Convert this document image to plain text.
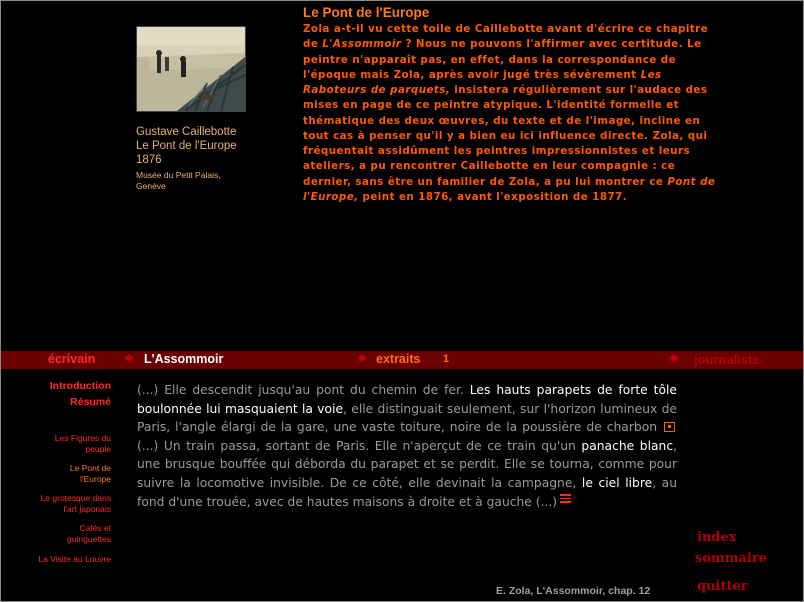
Gustave Caillebotte
Le Pont de l'Europe
1876
Musée du Petit Palais,
Genève
Le Pont de l'Europe
Zola a-t-il vu cette toile de Caillebotte avant d'écrire ce chapitre de L'Assommoir ? Nous ne pouvons l'affirmer avec certitude. Le peintre n'apparaît pas, en effet, dans la correspondance de l'époque mais Zola, après avoir jugé très sévèrement Les Raboteurs de parquets, insistera régulièrement sur l'audace des mises en page de ce peintre atypique. L'identité formelle et thématique des deux œuvres, du texte et de l'image, incline en tout cas à penser qu'il y a bien eu ici influence directe. Zola, qui fréquentait assidûment les peintres impressionnistes et leurs ateliers, a pu rencontrer Caillebotte en leur compagnie : ce dernier, sans être un familier de Zola, a pu lui montrer ce Pont de l'Europe, peint en 1876, avant l'exposition de 1877.
écrivain	L'Assommoir	extraits 1	journaliste
Introduction
Résumé
Les Figures du
peuple
Le Pont de
l'Europe
Le grotesque dans
l'art japonais
Cafés et
guinguettes
La Visite au Louvre
(...) Elle descendit jusqu'au pont du chemin de fer. Les hauts parapets de forte tôle boulonnée lui masquaient la voie, elle distinguait seulement, sur l'horizon lumineux de Paris, l'angle élargi de la gare, une vaste toiture, noire de la poussière de charbon  (...) Un train passa, sortant de Paris. Elle n'aperçut de ce train qu'un panache blanc, une brusque bouffée qui déborda du parapet et se perdit. Elle se tourna, comme pour suivre la locomotive invisible. De ce côté, elle devinait la campagne, le ciel libre, au fond d'une trouée, avec de hautes maisons à droite et à gauche (...)
E. Zola, L'Assommoir, chap. 12
index
sommaire
quitter
